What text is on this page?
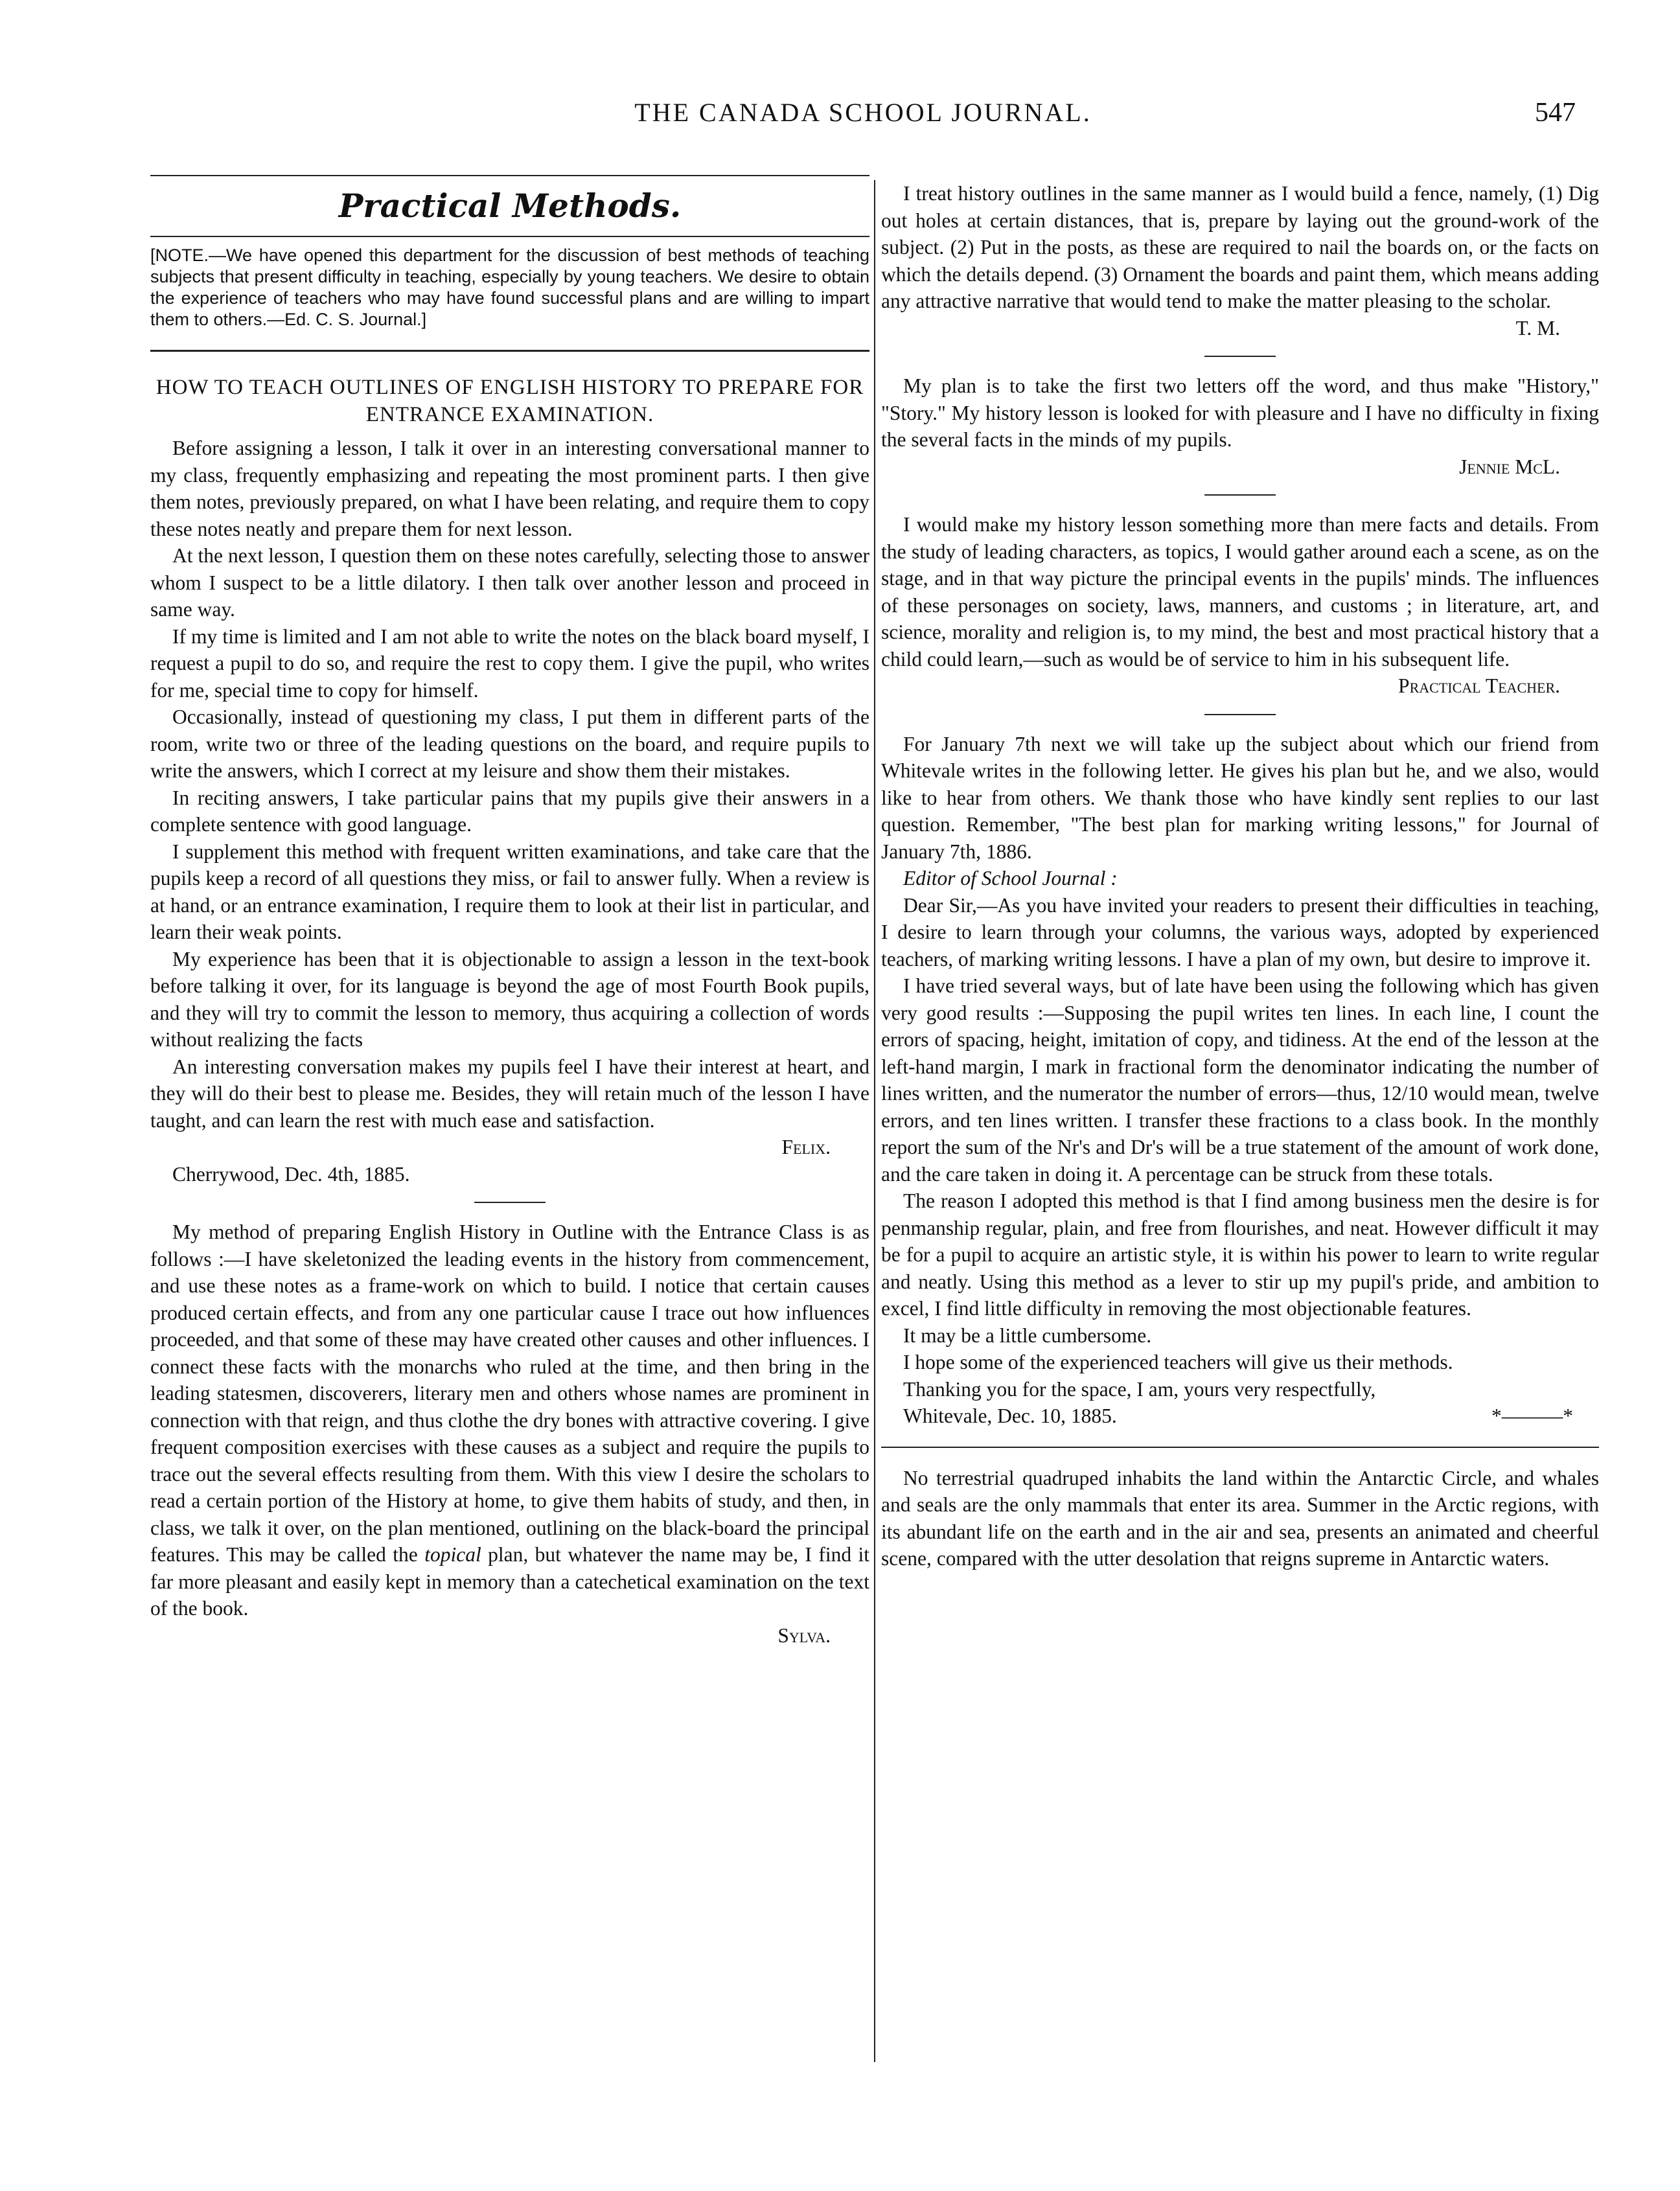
THE CANADA SCHOOL JOURNAL.	547
Practical Methods.

[NOTE.—We have opened this department for the discussion of best methods of teaching subjects that present difficulty in teaching, especially by young teachers. We desire to obtain the experience of teachers who may have found successful plans and are willing to impart them to others.—Ed. C. S. Journal.]

HOW TO TEACH OUTLINES OF ENGLISH HISTORY TO PREPARE FOR ENTRANCE EXAMINATION.

Before assigning a lesson, I talk it over in an interesting conversational manner to my class, frequently emphasizing and repeating the most prominent parts. I then give them notes, previously prepared, on what I have been relating, and require them to copy these notes neatly and prepare them for next lesson.

At the next lesson, I question them on these notes carefully, selecting those to answer whom I suspect to be a little dilatory. I then talk over another lesson and proceed in same way.

If my time is limited and I am not able to write the notes on the black board myself, I request a pupil to do so, and require the rest to copy them. I give the pupil, who writes for me, special time to copy for himself.

Occasionally, instead of questioning my class, I put them in different parts of the room, write two or three of the leading questions on the board, and require pupils to write the answers, which I correct at my leisure and show them their mistakes.

In reciting answers, I take particular pains that my pupils give their answers in a complete sentence with good language.

I supplement this method with frequent written examinations, and take care that the pupils keep a record of all questions they miss, or fail to answer fully. When a review is at hand, or an entrance examination, I require them to look at their list in particular, and learn their weak points.

My experience has been that it is objectionable to assign a lesson in the text-book before talking it over, for its language is beyond the age of most Fourth Book pupils, and they will try to commit the lesson to memory, thus acquiring a collection of words without realizing the facts

An interesting conversation makes my pupils feel I have their interest at heart, and they will do their best to please me. Besides, they will retain much of the lesson I have taught, and can learn the rest with much ease and satisfaction.

Felix.

Cherrywood, Dec. 4th, 1885.

My method of preparing English History in Outline with the Entrance Class is as follows :—I have skeletonized the leading events in the history from commencement, and use these notes as a frame-work on which to build. I notice that certain causes produced certain effects, and from any one particular cause I trace out how influences proceeded, and that some of these may have created other causes and other influences. I connect these facts with the monarchs who ruled at the time, and then bring in the leading statesmen, discoverers, literary men and others whose names are prominent in connection with that reign, and thus clothe the dry bones with attractive covering. I give frequent composition exercises with these causes as a subject and require the pupils to trace out the several effects resulting from them. With this view I desire the scholars to read a certain portion of the History at home, to give them habits of study, and then, in class, we talk it over, on the plan mentioned, outlining on the black-board the principal features. This may be called the topical plan, but whatever the name may be, I find it far more pleasant and easily kept in memory than a catechetical examination on the text of the book.

Sylva.

I treat history outlines in the same manner as I would build a fence, namely, (1) Dig out holes at certain distances, that is, prepare by laying out the ground-work of the subject. (2) Put in the posts, as these are required to nail the boards on, or the facts on which the details depend. (3) Ornament the boards and paint them, which means adding any attractive narrative that would tend to make the matter pleasing to the scholar.

T. M.

My plan is to take the first two letters off the word, and thus make "History," "Story." My history lesson is looked for with pleasure and I have no difficulty in fixing the several facts in the minds of my pupils.

Jennie McL.

I would make my history lesson something more than mere facts and details. From the study of leading characters, as topics, I would gather around each a scene, as on the stage, and in that way picture the principal events in the pupils' minds. The influences of these personages on society, laws, manners, and customs ; in literature, art, and science, morality and religion is, to my mind, the best and most practical history that a child could learn,—such as would be of service to him in his subsequent life.

Practical Teacher.

For January 7th next we will take up the subject about which our friend from Whitevale writes in the following letter. He gives his plan but he, and we also, would like to hear from others. We thank those who have kindly sent replies to our last question. Remember, "The best plan for marking writing lessons," for Journal of January 7th, 1886.

Editor of School Journal :

Dear Sir,—As you have invited your readers to present their difficulties in teaching, I desire to learn through your columns, the various ways, adopted by experienced teachers, of marking writing lessons. I have a plan of my own, but desire to improve it.

I have tried several ways, but of late have been using the following which has given very good results :—Supposing the pupil writes ten lines. In each line, I count the errors of spacing, height, imitation of copy, and tidiness. At the end of the lesson at the left-hand margin, I mark in fractional form the denominator indicating the number of lines written, and the numerator the number of errors—thus, 12/10 would mean, twelve errors, and ten lines written. I transfer these fractions to a class book. In the monthly report the sum of the Nr's and Dr's will be a true statement of the amount of work done, and the care taken in doing it. A percentage can be struck from these totals.

The reason I adopted this method is that I find among business men the desire is for penmanship regular, plain, and free from flourishes, and neat. However difficult it may be for a pupil to acquire an artistic style, it is within his power to learn to write regular and neatly. Using this method as a lever to stir up my pupil's pride, and ambition to excel, I find little difficulty in removing the most objectionable features.

It may be a little cumbersome.

I hope some of the experienced teachers will give us their methods.

Thanking you for the space, I am, yours very respectfully,

Whitevale, Dec. 10, 1885.	*———*

No terrestrial quadruped inhabits the land within the Antarctic Circle, and whales and seals are the only mammals that enter its area. Summer in the Arctic regions, with its abundant life on the earth and in the air and sea, presents an animated and cheerful scene, compared with the utter desolation that reigns supreme in Antarctic waters.
